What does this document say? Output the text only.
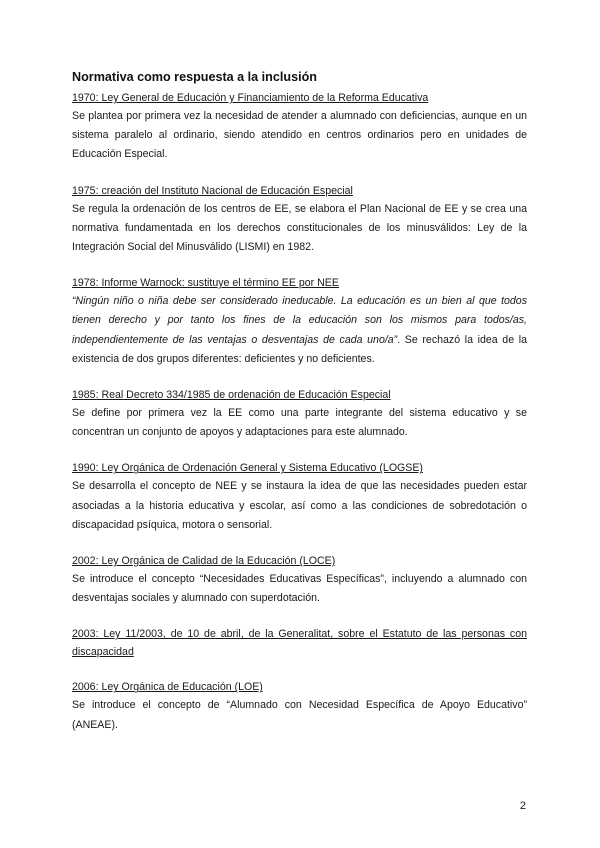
Normativa como respuesta a la inclusión

1970: Ley General de Educación y Financiamiento de la Reforma Educativa

Se plantea por primera vez la necesidad de atender a alumnado con deficiencias, aunque en un sistema paralelo al ordinario, siendo atendido en centros ordinarios pero en unidades de Educación Especial.

1975: creación del Instituto Nacional de Educación Especial

Se regula la ordenación de los centros de EE, se elabora el Plan Nacional de EE y se crea una normativa fundamentada en los derechos constitucionales de los minusválidos: Ley de la Integración Social del Minusválido (LISMI) en 1982.

1978: Informe Warnock: sustituye el término EE por NEE

“Ningún niño o niña debe ser considerado ineducable. La educación es un bien al que todos tienen derecho y por tanto los fines de la educación son los mismos para todos/as, independientemente de las ventajas o desventajas de cada uno/a”. Se rechazó la idea de la existencia de dos grupos diferentes: deficientes y no deficientes.

1985: Real Decreto 334/1985 de ordenación de Educación Especial

Se define por primera vez la EE como una parte integrante del sistema educativo y se concentran un conjunto de apoyos y adaptaciones para este alumnado.

1990: Ley Orgánica de Ordenación General y Sistema Educativo (LOGSE)

Se desarrolla el concepto de NEE y se instaura la idea de que las necesidades pueden estar asociadas a la historia educativa y escolar, así como a las condiciones de sobredotación o discapacidad psíquica, motora o sensorial.

2002: Ley Orgánica de Calidad de la Educación (LOCE)

Se introduce el concepto “Necesidades Educativas Específicas”, incluyendo a alumnado con desventajas sociales y alumnado con superdotación.

2003: Ley 11/2003, de 10 de abril, de la Generalitat, sobre el Estatuto de las personas con discapacidad

2006: Ley Orgánica de Educación (LOE)

Se introduce el concepto de “Alumnado con Necesidad Específica de Apoyo Educativo” (ANEAE).

2
